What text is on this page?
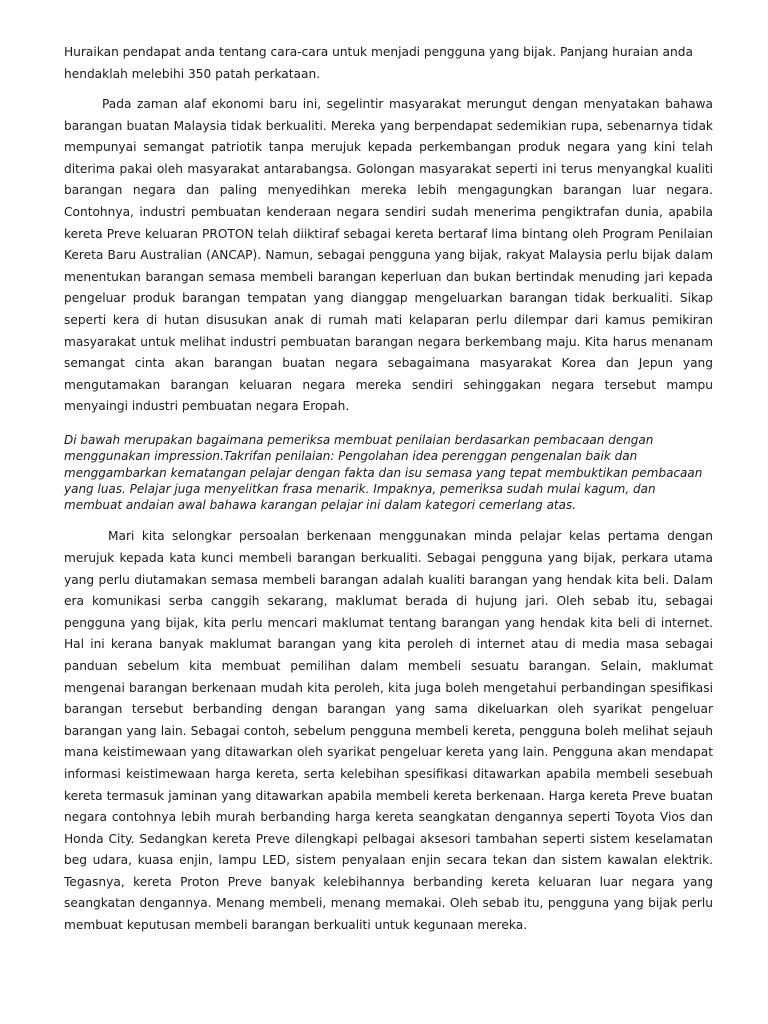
Huraikan pendapat anda tentang cara-cara untuk menjadi pengguna yang bijak. Panjang huraian anda hendaklah melebihi 350 patah perkataan.

Pada zaman alaf ekonomi baru ini, segelintir masyarakat merungut dengan menyatakan bahawa barangan buatan Malaysia tidak berkualiti. Mereka yang berpendapat sedemikian rupa, sebenarnya tidak mempunyai semangat patriotik tanpa merujuk kepada perkembangan produk negara yang kini telah diterima pakai oleh masyarakat antarabangsa. Golongan masyarakat seperti ini terus menyangkal kualiti barangan negara dan paling menyedihkan mereka lebih mengagungkan barangan luar negara. Contohnya, industri pembuatan kenderaan negara sendiri sudah menerima pengiktrafan dunia, apabila kereta Preve keluaran PROTON telah diiktiraf sebagai kereta bertaraf lima bintang oleh Program Penilaian Kereta Baru Australian (ANCAP). Namun, sebagai pengguna yang bijak, rakyat Malaysia perlu bijak dalam menentukan barangan semasa membeli barangan keperluan dan bukan bertindak menuding jari kepada pengeluar produk barangan tempatan yang dianggap mengeluarkan barangan tidak berkualiti. Sikap seperti kera di hutan disusukan anak di rumah mati kelaparan perlu dilempar dari kamus pemikiran masyarakat untuk melihat industri pembuatan barangan negara berkembang maju. Kita harus menanam semangat cinta akan barangan buatan negara sebagaimana masyarakat Korea dan Jepun yang mengutamakan barangan keluaran negara mereka sendiri sehinggakan negara tersebut mampu menyaingi industri pembuatan negara Eropah.

Di bawah merupakan bagaimana pemeriksa membuat penilaian berdasarkan pembacaan dengan menggunakan impression.Takrifan penilaian: Pengolahan idea perenggan pengenalan baik dan menggambarkan kematangan pelajar dengan fakta dan isu semasa yang tepat membuktikan pembacaan yang luas. Pelajar juga menyelitkan frasa menarik. Impaknya, pemeriksa sudah mulai kagum, dan membuat andaian awal bahawa karangan pelajar ini dalam kategori cemerlang atas.

Mari kita selongkar persoalan berkenaan menggunakan minda pelajar kelas pertama dengan merujuk kepada kata kunci membeli barangan berkualiti. Sebagai pengguna yang bijak, perkara utama yang perlu diutamakan semasa membeli barangan adalah kualiti barangan yang hendak kita beli. Dalam era komunikasi serba canggih sekarang, maklumat berada di hujung jari. Oleh sebab itu, sebagai pengguna yang bijak, kita perlu mencari maklumat tentang barangan yang hendak kita beli di internet. Hal ini kerana banyak maklumat barangan yang kita peroleh di internet atau di media masa sebagai panduan sebelum kita membuat pemilihan dalam membeli sesuatu barangan. Selain, maklumat mengenai barangan berkenaan mudah kita peroleh, kita juga boleh mengetahui perbandingan spesifikasi barangan tersebut berbanding dengan barangan yang sama dikeluarkan oleh syarikat pengeluar barangan yang lain. Sebagai contoh, sebelum pengguna membeli kereta, pengguna boleh melihat sejauh mana keistimewaan yang ditawarkan oleh syarikat pengeluar kereta yang lain. Pengguna akan mendapat informasi keistimewaan harga kereta, serta kelebihan spesifikasi ditawarkan apabila membeli sesebuah kereta termasuk jaminan yang ditawarkan apabila membeli kereta berkenaan. Harga kereta Preve buatan negara contohnya lebih murah berbanding harga kereta seangkatan dengannya seperti Toyota Vios dan Honda City. Sedangkan kereta Preve dilengkapi pelbagai aksesori tambahan seperti sistem keselamatan beg udara, kuasa enjin, lampu LED, sistem penyalaan enjin secara tekan dan sistem kawalan elektrik. Tegasnya, kereta Proton Preve banyak kelebihannya berbanding kereta keluaran luar negara yang seangkatan dengannya. Menang membeli, menang memakai. Oleh sebab itu, pengguna yang bijak perlu membuat keputusan membeli barangan berkualiti untuk kegunaan mereka.
